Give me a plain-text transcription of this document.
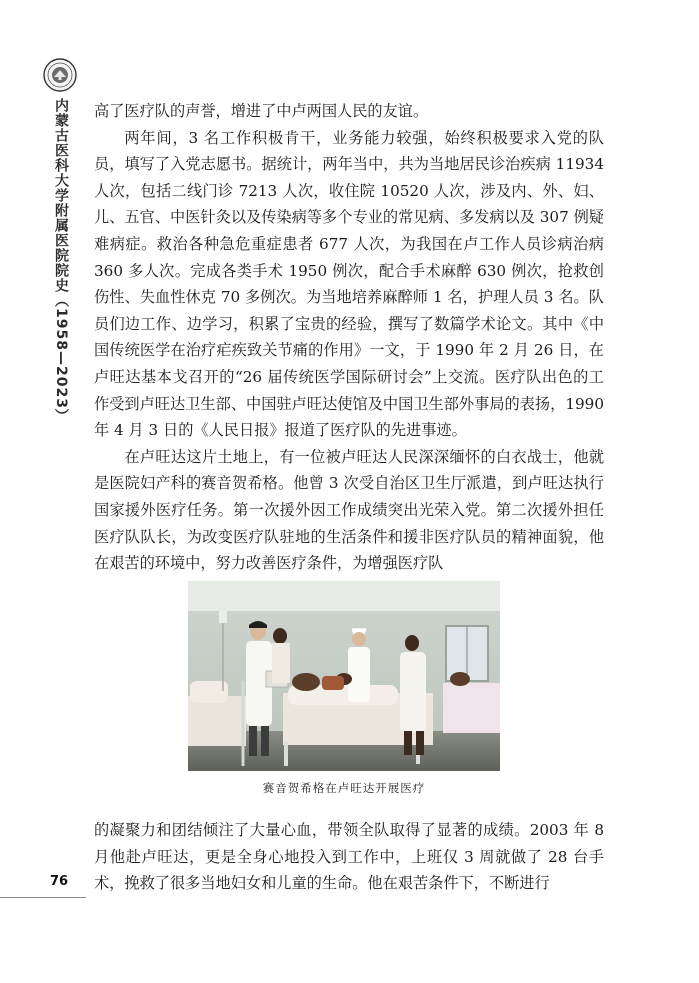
内蒙古医科大学附属医院院史（1958—2023）
76

高了医疗队的声誉，增进了中卢两国人民的友谊。

两年间，3 名工作积极肯干，业务能力较强，始终积极要求入党的队员，填写了入党志愿书。据统计，两年当中，共为当地居民诊治疾病 11934 人次，包括二线门诊 7213 人次，收住院 10520 人次，涉及内、外、妇、儿、五官、中医针灸以及传染病等多个专业的常见病、多发病以及 307 例疑难病症。救治各种急危重症患者 677 人次，为我国在卢工作人员诊病治病 360 多人次。完成各类手术 1950 例次，配合手术麻醉 630 例次，抢救创伤性、失血性休克 70 多例次。为当地培养麻醉师 1 名，护理人员 3 名。队员们边工作、边学习，积累了宝贵的经验，撰写了数篇学术论文。其中《中国传统医学在治疗疟疾致关节痛的作用》一文，于 1990 年 2 月 26 日，在卢旺达基本戈召开的“26 届传统医学国际研讨会”上交流。医疗队出色的工作受到卢旺达卫生部、中国驻卢旺达使馆及中国卫生部外事局的表扬，1990 年 4 月 3 日的《人民日报》报道了医疗队的先进事迹。

在卢旺达这片土地上，有一位被卢旺达人民深深缅怀的白衣战士，他就是医院妇产科的赛音贺希格。他曾 3 次受自治区卫生厅派遣，到卢旺达执行国家援外医疗任务。第一次援外因工作成绩突出光荣入党。第二次援外担任医疗队队长，为改变医疗队驻地的生活条件和援非医疗队员的精神面貌，他在艰苦的环境中，努力改善医疗条件，为增强医疗队

赛音贺希格在卢旺达开展医疗

的凝聚力和团结倾注了大量心血，带领全队取得了显著的成绩。2003 年 8 月他赴卢旺达，更是全身心地投入到工作中，上班仅 3 周就做了 28 台手术，挽救了很多当地妇女和儿童的生命。他在艰苦条件下，不断进行
